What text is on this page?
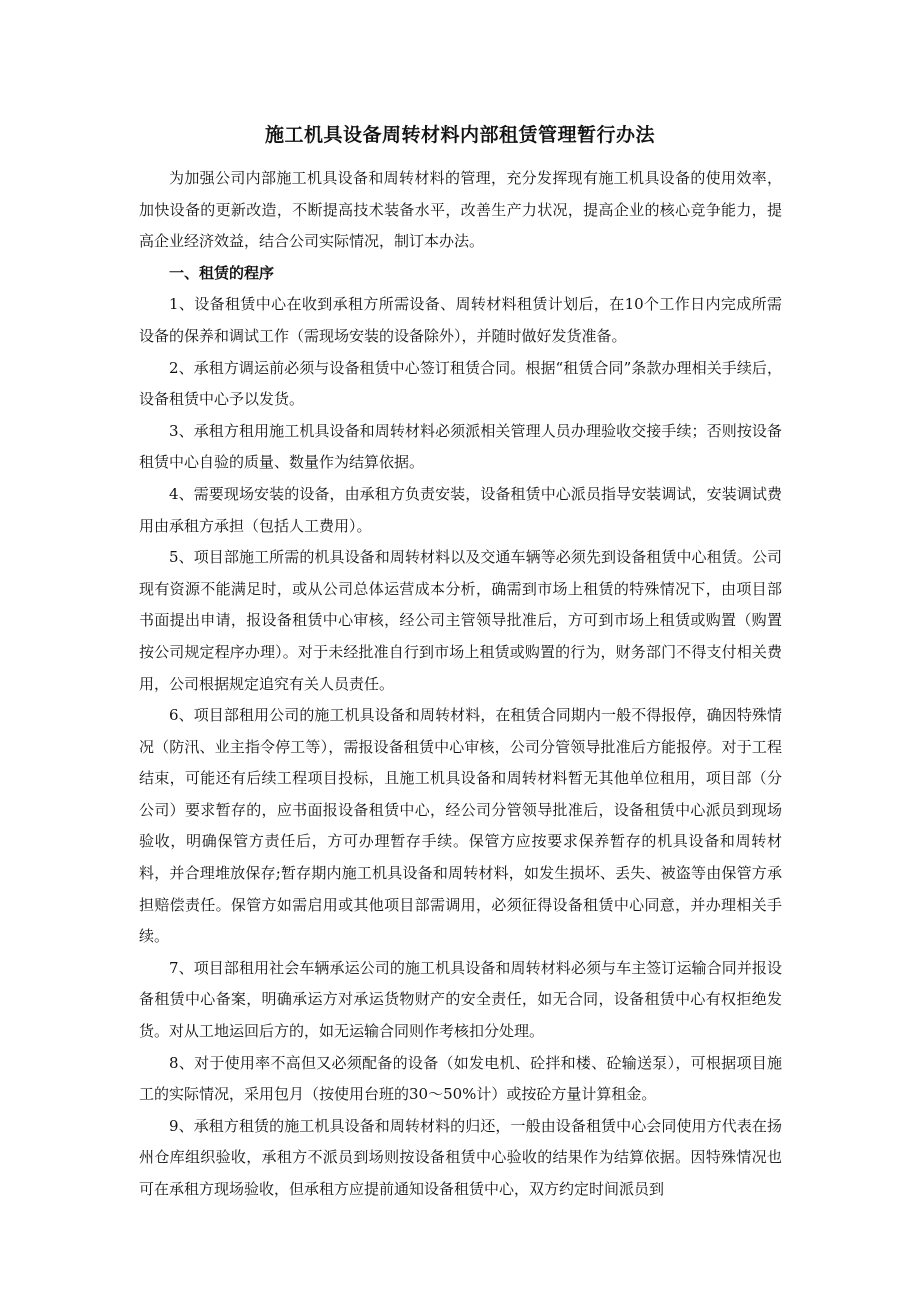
施工机具设备周转材料内部租赁管理暂行办法

为加强公司内部施工机具设备和周转材料的管理，充分发挥现有施工机具设备的使用效率，加快设备的更新改造，不断提高技术装备水平，改善生产力状况，提高企业的核心竞争能力，提高企业经济效益，结合公司实际情况，制订本办法。

一、租赁的程序

1、设备租赁中心在收到承租方所需设备、周转材料租赁计划后，在10个工作日内完成所需设备的保养和调试工作（需现场安装的设备除外），并随时做好发货准备。

2、承租方调运前必须与设备租赁中心签订租赁合同。根据“租赁合同”条款办理相关手续后，设备租赁中心予以发货。

3、承租方租用施工机具设备和周转材料必须派相关管理人员办理验收交接手续；否则按设备租赁中心自验的质量、数量作为结算依据。

4、需要现场安装的设备，由承租方负责安装，设备租赁中心派员指导安装调试，安装调试费用由承租方承担（包括人工费用）。

5、项目部施工所需的机具设备和周转材料以及交通车辆等必须先到设备租赁中心租赁。公司现有资源不能满足时，或从公司总体运营成本分析，确需到市场上租赁的特殊情况下，由项目部书面提出申请，报设备租赁中心审核，经公司主管领导批准后，方可到市场上租赁或购置（购置按公司规定程序办理）。对于未经批准自行到市场上租赁或购置的行为，财务部门不得支付相关费用，公司根据规定追究有关人员责任。

6、项目部租用公司的施工机具设备和周转材料，在租赁合同期内一般不得报停，确因特殊情况（防汛、业主指令停工等），需报设备租赁中心审核，公司分管领导批准后方能报停。对于工程结束，可能还有后续工程项目投标，且施工机具设备和周转材料暂无其他单位租用，项目部（分公司）要求暂存的，应书面报设备租赁中心，经公司分管领导批准后，设备租赁中心派员到现场验收，明确保管方责任后，方可办理暂存手续。保管方应按要求保养暂存的机具设备和周转材料，并合理堆放保存;暂存期内施工机具设备和周转材料，如发生损坏、丢失、被盗等由保管方承担赔偿责任。保管方如需启用或其他项目部需调用，必须征得设备租赁中心同意，并办理相关手续。

7、项目部租用社会车辆承运公司的施工机具设备和周转材料必须与车主签订运输合同并报设备租赁中心备案，明确承运方对承运货物财产的安全责任，如无合同，设备租赁中心有权拒绝发货。对从工地运回后方的，如无运输合同则作考核扣分处理。

8、对于使用率不高但又必须配备的设备（如发电机、砼拌和楼、砼输送泵），可根据项目施工的实际情况，采用包月（按使用台班的30～50%计）或按砼方量计算租金。

9、承租方租赁的施工机具设备和周转材料的归还，一般由设备租赁中心会同使用方代表在扬州仓库组织验收，承租方不派员到场则按设备租赁中心验收的结果作为结算依据。因特殊情况也可在承租方现场验收，但承租方应提前通知设备租赁中心，双方约定时间派员到
